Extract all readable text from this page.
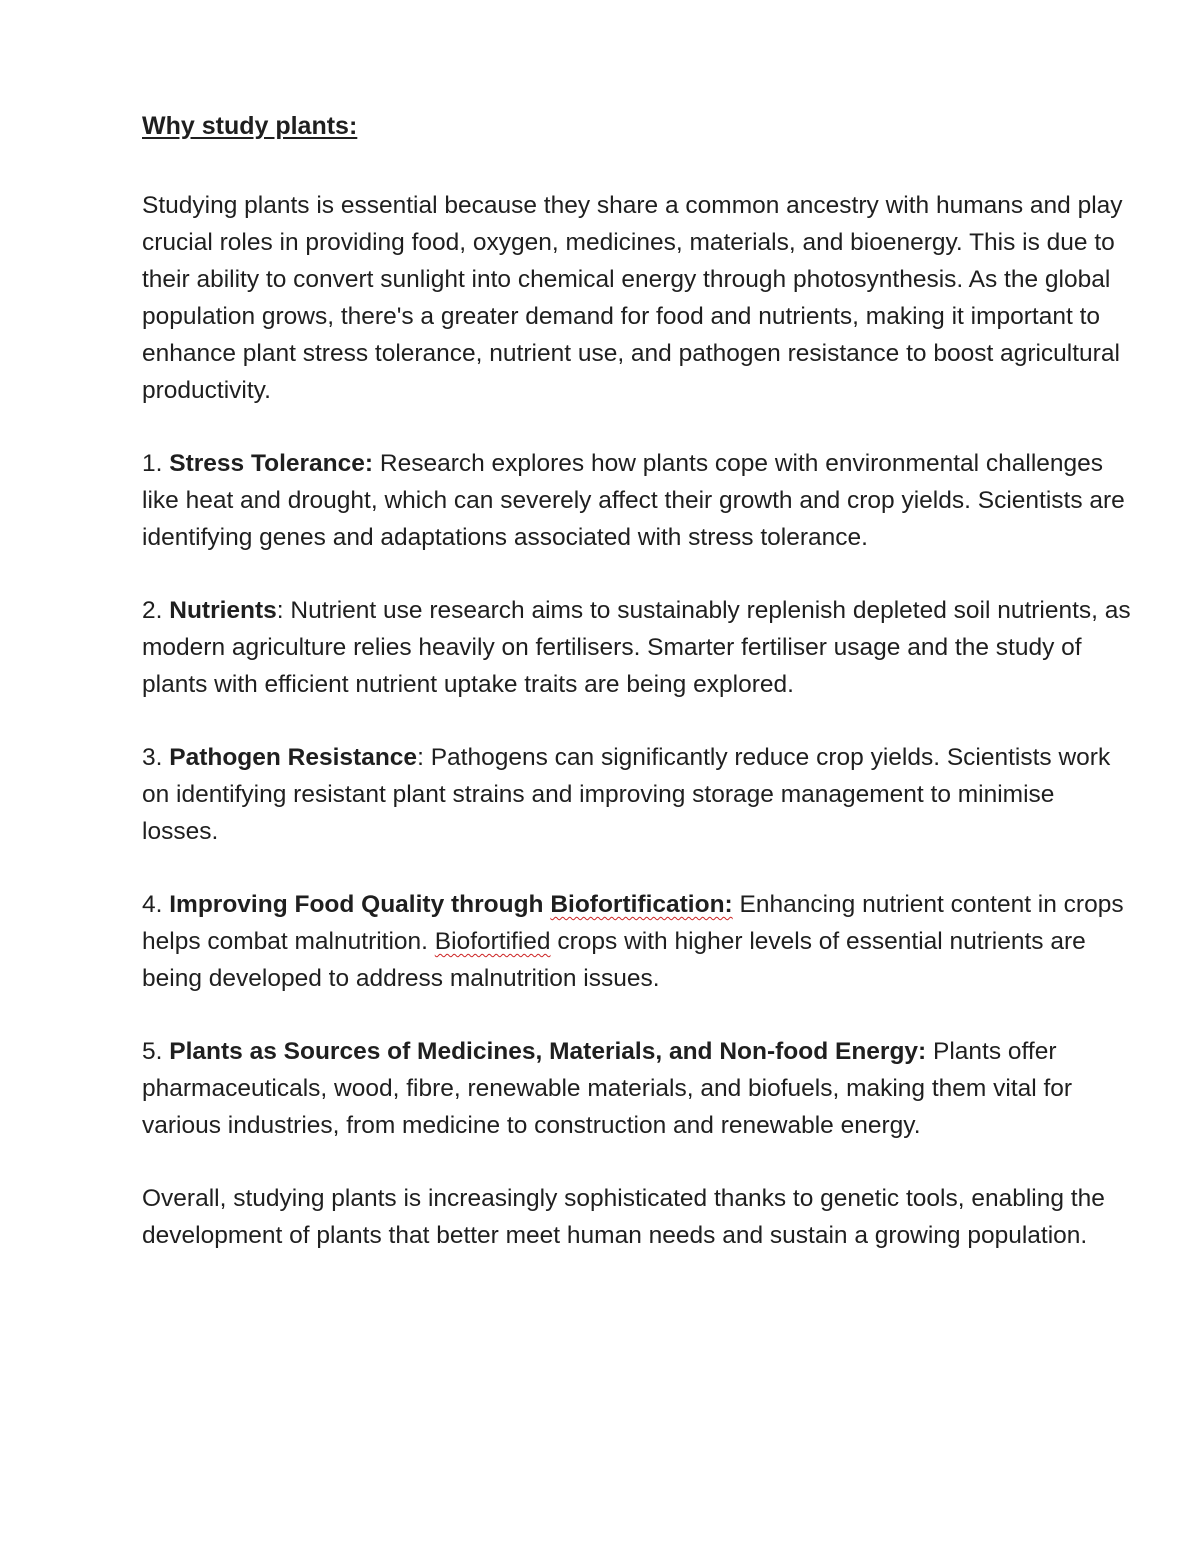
Why study plants:

Studying plants is essential because they share a common ancestry with humans and play crucial roles in providing food, oxygen, medicines, materials, and bioenergy. This is due to their ability to convert sunlight into chemical energy through photosynthesis. As the global population grows, there's a greater demand for food and nutrients, making it important to enhance plant stress tolerance, nutrient use, and pathogen resistance to boost agricultural productivity.

1. Stress Tolerance: Research explores how plants cope with environmental challenges like heat and drought, which can severely affect their growth and crop yields. Scientists are identifying genes and adaptations associated with stress tolerance.

2. Nutrients: Nutrient use research aims to sustainably replenish depleted soil nutrients, as modern agriculture relies heavily on fertilisers. Smarter fertiliser usage and the study of plants with efficient nutrient uptake traits are being explored.

3. Pathogen Resistance: Pathogens can significantly reduce crop yields. Scientists work on identifying resistant plant strains and improving storage management to minimise losses.

4. Improving Food Quality through Biofortification: Enhancing nutrient content in crops helps combat malnutrition. Biofortified crops with higher levels of essential nutrients are being developed to address malnutrition issues.

5. Plants as Sources of Medicines, Materials, and Non-food Energy: Plants offer pharmaceuticals, wood, fibre, renewable materials, and biofuels, making them vital for various industries, from medicine to construction and renewable energy.

Overall, studying plants is increasingly sophisticated thanks to genetic tools, enabling the development of plants that better meet human needs and sustain a growing population.
